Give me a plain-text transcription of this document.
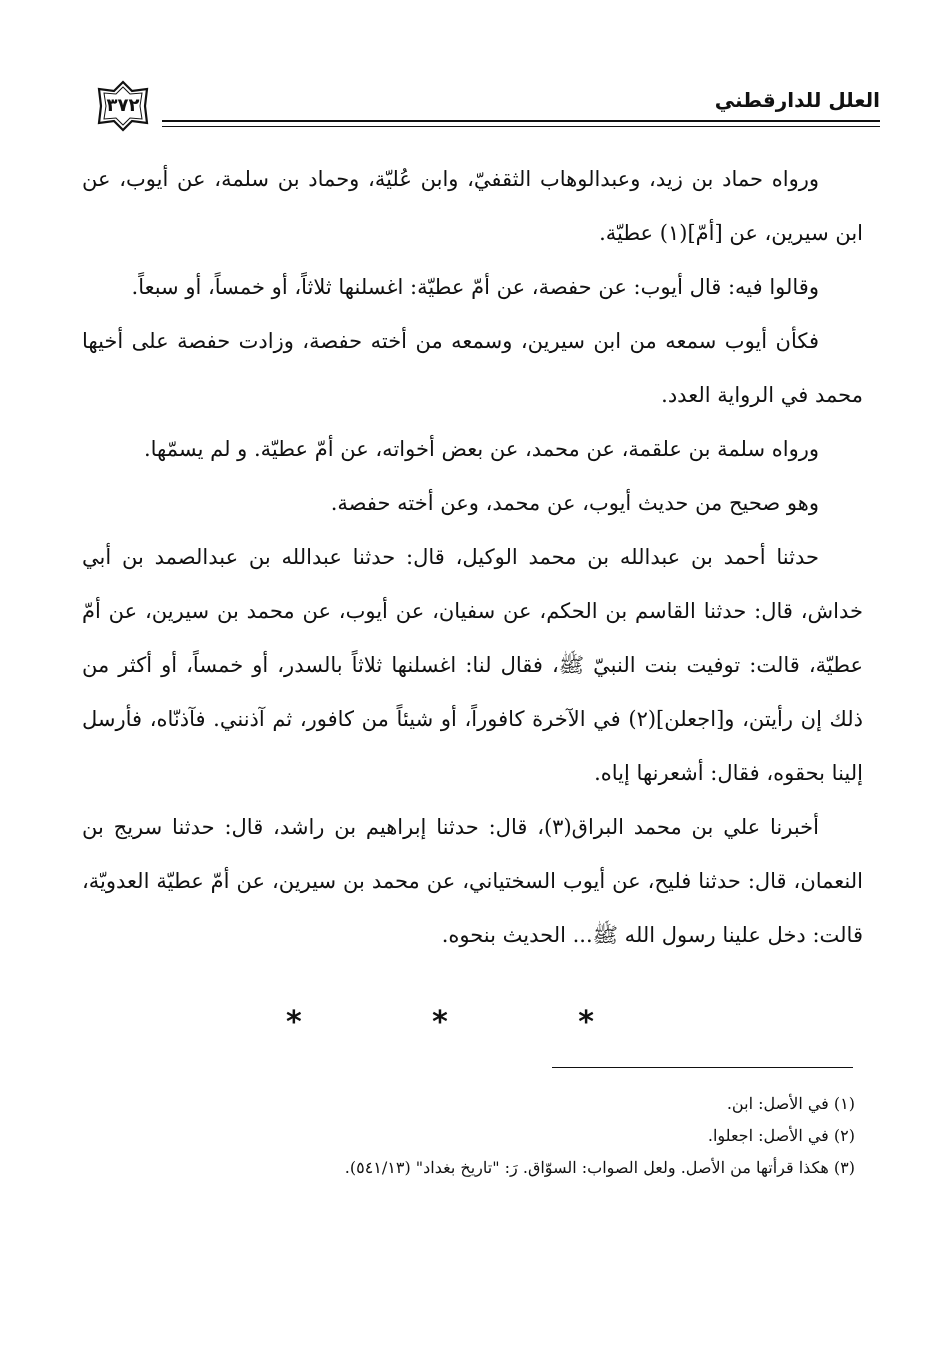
العلل للدارقطني
٣٧٢

ورواه حماد بن زيد، وعبدالوهاب الثقفيّ، وابن عُليّة، وحماد بن سلمة، عن أيوب، عن ابن سيرين، عن [أمّ](١) عطيّة.

وقالوا فيه: قال أيوب: عن حفصة، عن أمّ عطيّة: اغسلنها ثلاثاً، أو خمساً، أو سبعاً.

فكأن أيوب سمعه من ابن سيرين، وسمعه من أخته حفصة، وزادت حفصة على أخيها محمد في الرواية العدد.

ورواه سلمة بن علقمة، عن محمد، عن بعض أخواته، عن أمّ عطيّة. و لم يسمّها.

وهو صحيح من حديث أيوب، عن محمد، وعن أخته حفصة.

حدثنا أحمد بن عبدالله بن محمد الوكيل، قال: حدثنا عبدالله بن عبدالصمد بن أبي خداش، قال: حدثنا القاسم بن الحكم، عن سفيان، عن أيوب، عن محمد بن سيرين، عن أمّ عطيّة، قالت: توفيت بنت النبيّ ﷺ، فقال لنا: اغسلنها ثلاثاً بالسدر، أو خمساً، أو أكثر من ذلك إن رأيتن، و[اجعلن](٢) في الآخرة كافوراً، أو شيئاً من كافور، ثم آذنني. فآذنّاه، فأرسل إلينا بحقوه، فقال: أشعرنها إياه.

أخبرنا علي بن محمد البراق(٣)، قال: حدثنا إبراهيم بن راشد، قال: حدثنا سريج بن النعمان، قال: حدثنا فليح، عن أيوب السختياني، عن محمد بن سيرين، عن أمّ عطيّة العدويّة، قالت: دخل علينا رسول الله ﷺ... الحديث بنحوه.

* * *

(١) في الأصل: ابن.

(٢) في الأصل: اجعلوا.

(٣) هكذا قرأتها من الأصل. ولعل الصواب: السوّاق. رَ: "تاريخ بغداد" (٥٤١/١٣).
